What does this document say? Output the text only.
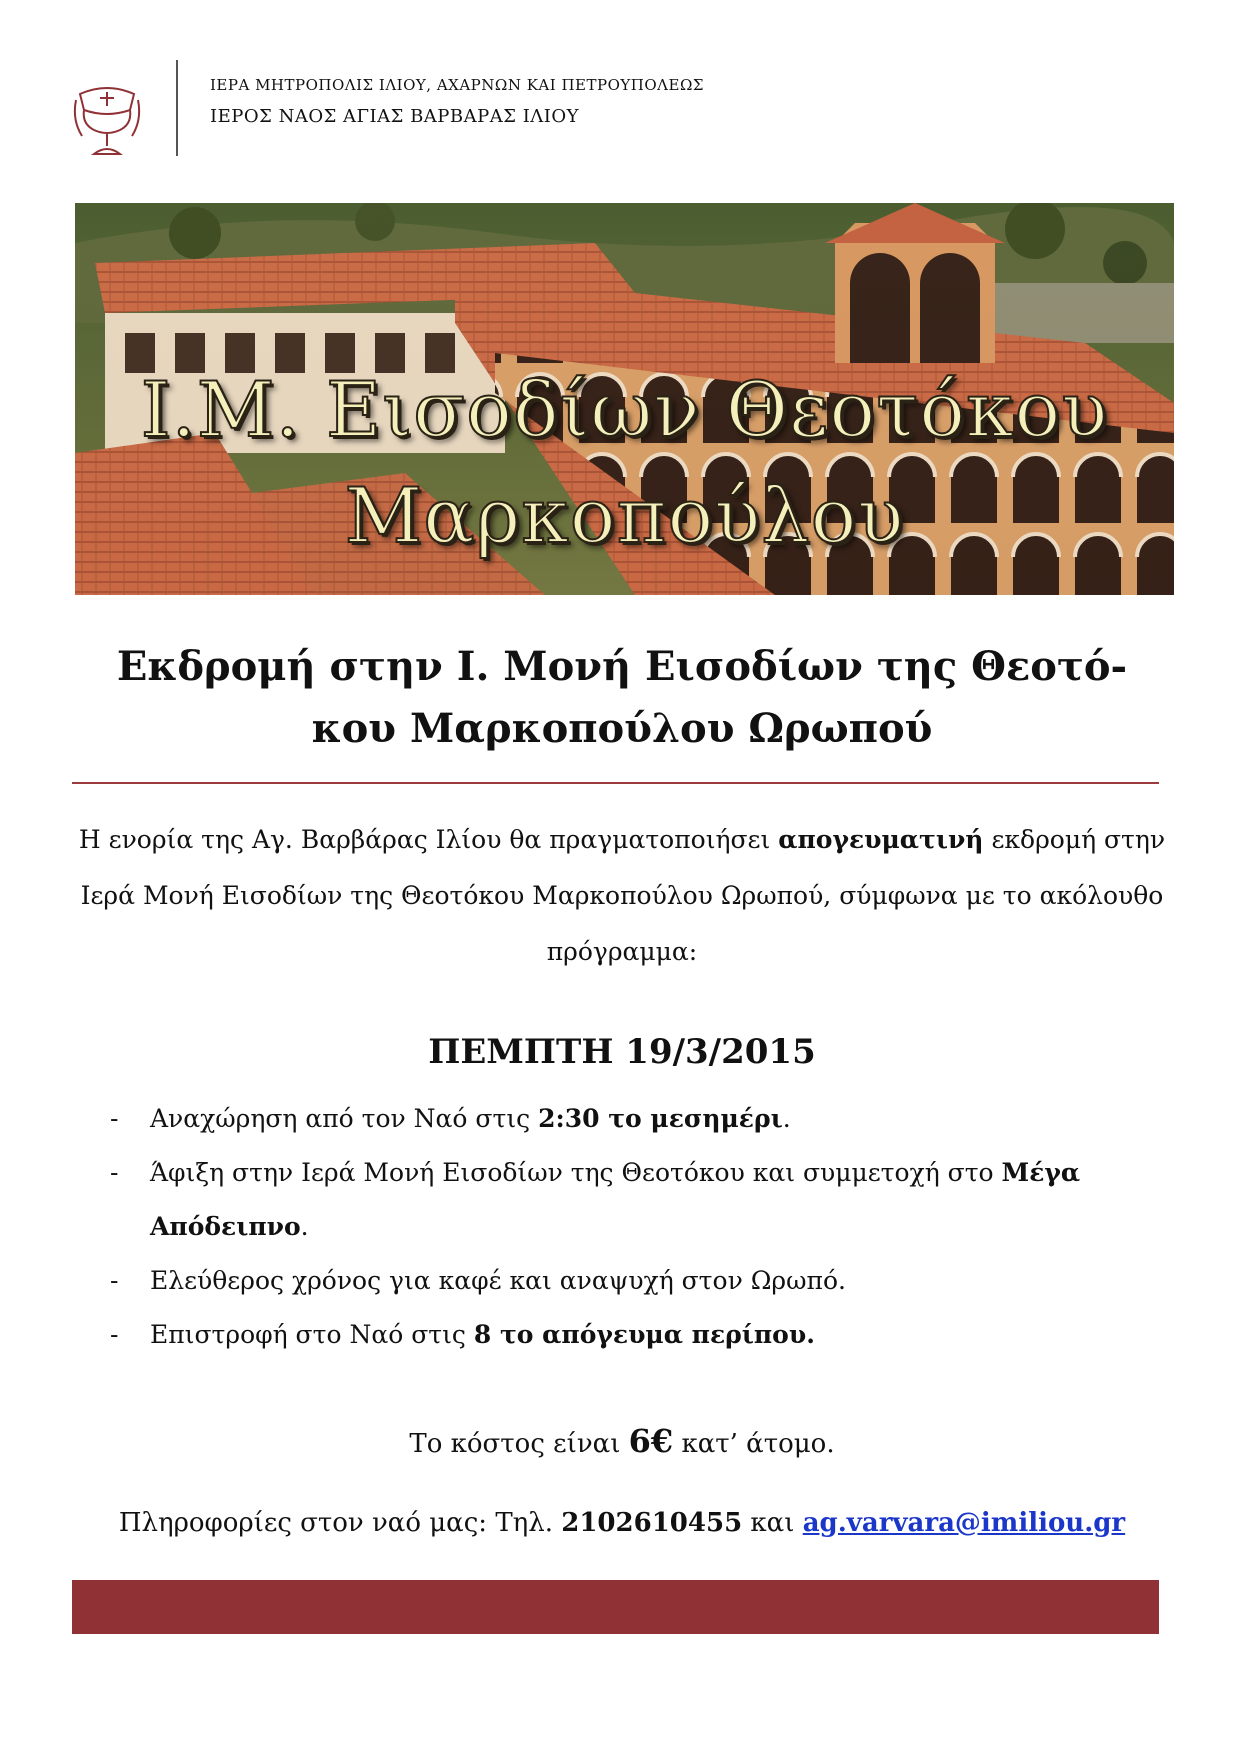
ΙΕΡΑ ΜΗΤΡΟΠΟΛΙΣ ΙΛΙΟΥ, ΑΧΑΡΝΩΝ ΚΑΙ ΠΕΤΡΟΥΠΟΛΕΩΣ
ΙΕΡΟΣ ΝΑΟΣ ΑΓΙΑΣ ΒΑΡΒΑΡΑΣ ΙΛΙΟΥ
Ι.Μ. Εισοδίων Θεοτόκου
Μαρκοπούλου
Εκδρομή στην Ι. Μονή Εισοδίων της Θεοτό-
κου Μαρκοπούλου Ωρωπού
Η ενορία της Αγ. Βαρβάρας Ιλίου θα πραγματοποιήσει απογευματινή εκδρομή στην Ιερά Μονή Εισοδίων της Θεοτόκου Μαρκοπούλου Ωρωπού, σύμφωνα με το ακόλουθο πρόγραμμα:
ΠΕΜΠΤΗ 19/3/2015
- Αναχώρηση από τον Ναό στις 2:30 το μεσημέρι.
- Άφιξη στην Ιερά Μονή Εισοδίων της Θεοτόκου και συμμετοχή στο Μέγα Απόδειπνο.
- Ελεύθερος χρόνος για καφέ και αναψυχή στον Ωρωπό.
- Επιστροφή στο Ναό στις 8 το απόγευμα περίπου.
Το κόστος είναι 6€ κατ’ άτομο.
Πληροφορίες στον ναό μας: Τηλ. 2102610455 και ag.varvara@imiliou.gr
